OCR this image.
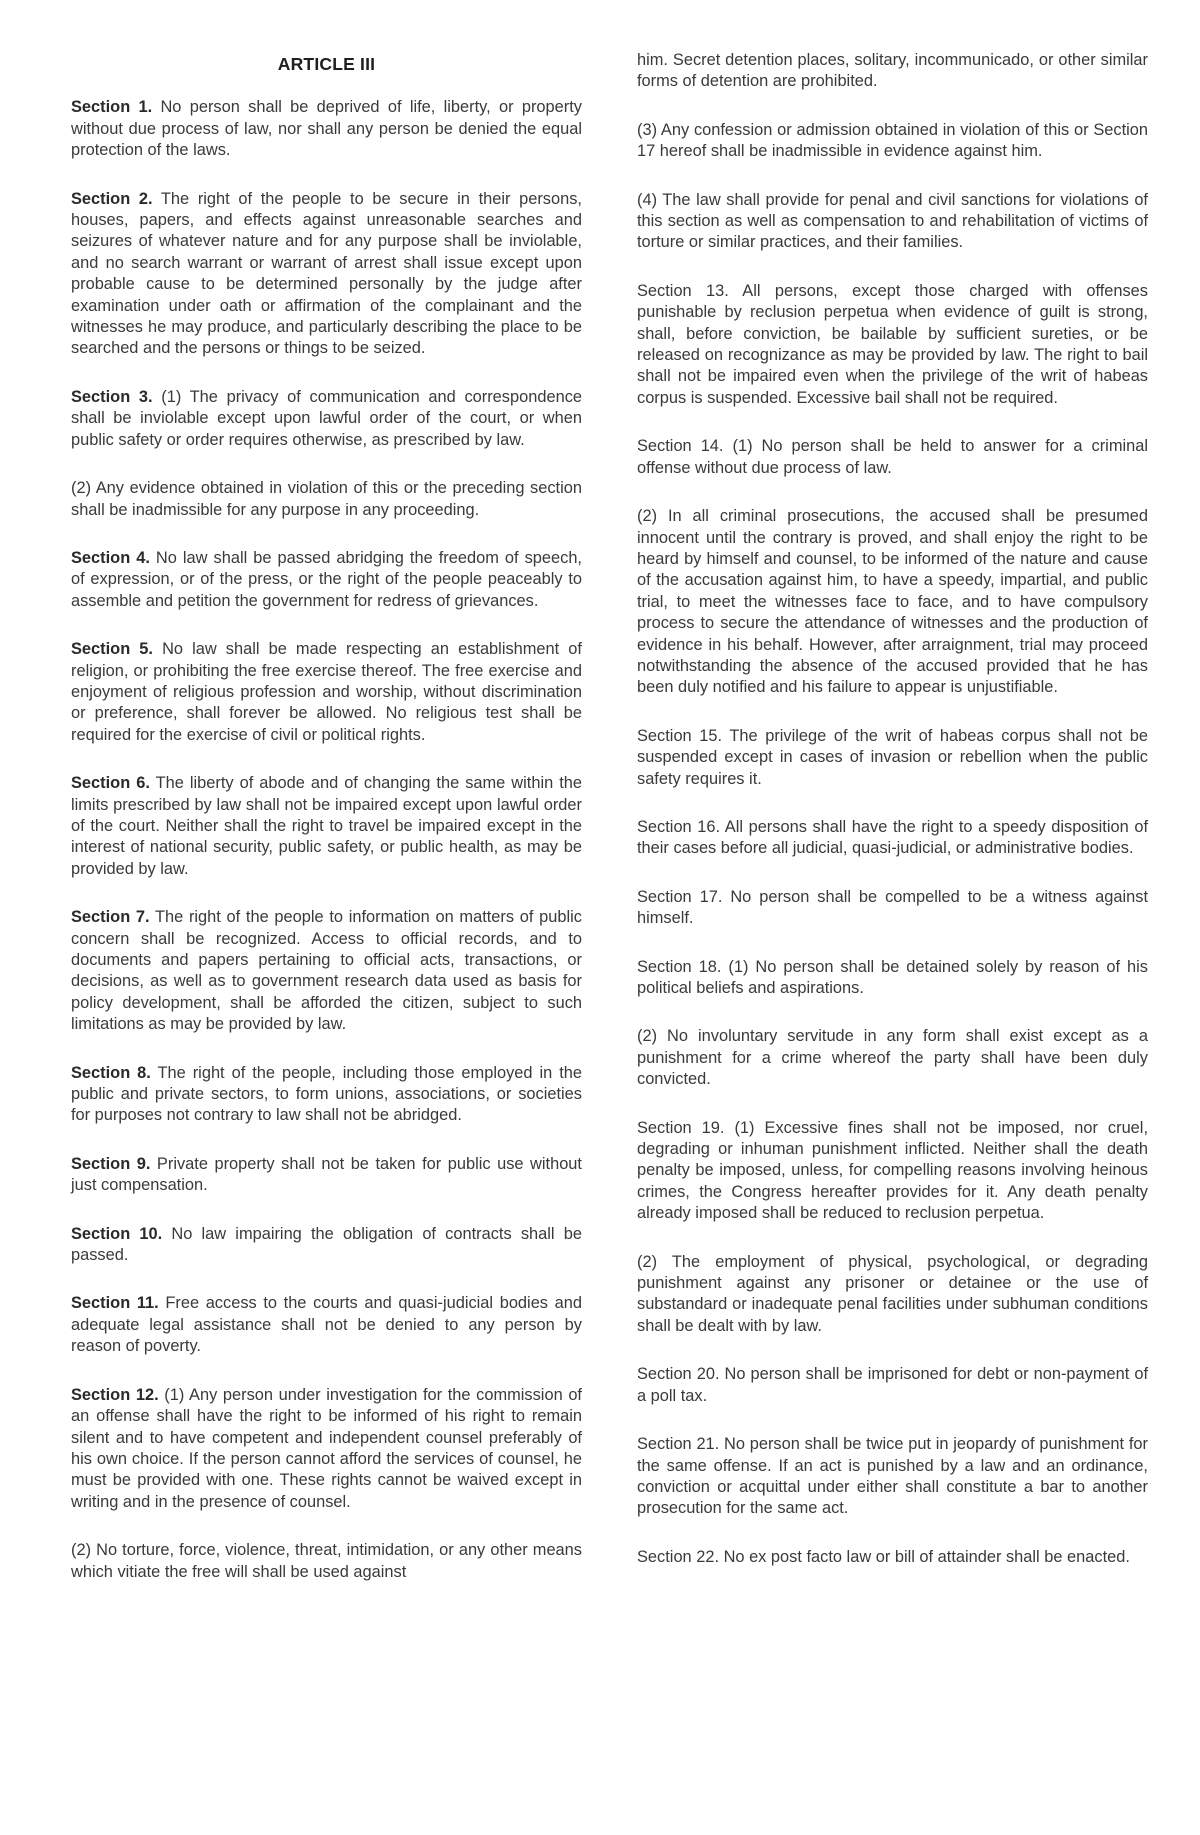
ARTICLE III

Section 1. No person shall be deprived of life, liberty, or property without due process of law, nor shall any person be denied the equal protection of the laws.

Section 2. The right of the people to be secure in their persons, houses, papers, and effects against unreasonable searches and seizures of whatever nature and for any purpose shall be inviolable, and no search warrant or warrant of arrest shall issue except upon probable cause to be determined personally by the judge after examination under oath or affirmation of the complainant and the witnesses he may produce, and particularly describing the place to be searched and the persons or things to be seized.

Section 3. (1) The privacy of communication and correspondence shall be inviolable except upon lawful order of the court, or when public safety or order requires otherwise, as prescribed by law.

(2) Any evidence obtained in violation of this or the preceding section shall be inadmissible for any purpose in any proceeding.

Section 4. No law shall be passed abridging the freedom of speech, of expression, or of the press, or the right of the people peaceably to assemble and petition the government for redress of grievances.

Section 5. No law shall be made respecting an establishment of religion, or prohibiting the free exercise thereof. The free exercise and enjoyment of religious profession and worship, without discrimination or preference, shall forever be allowed. No religious test shall be required for the exercise of civil or political rights.

Section 6. The liberty of abode and of changing the same within the limits prescribed by law shall not be impaired except upon lawful order of the court. Neither shall the right to travel be impaired except in the interest of national security, public safety, or public health, as may be provided by law.

Section 7. The right of the people to information on matters of public concern shall be recognized. Access to official records, and to documents and papers pertaining to official acts, transactions, or decisions, as well as to government research data used as basis for policy development, shall be afforded the citizen, subject to such limitations as may be provided by law.

Section 8. The right of the people, including those employed in the public and private sectors, to form unions, associations, or societies for purposes not contrary to law shall not be abridged.

Section 9. Private property shall not be taken for public use without just compensation.

Section 10. No law impairing the obligation of contracts shall be passed.

Section 11. Free access to the courts and quasi-judicial bodies and adequate legal assistance shall not be denied to any person by reason of poverty.

Section 12. (1) Any person under investigation for the commission of an offense shall have the right to be informed of his right to remain silent and to have competent and independent counsel preferably of his own choice. If the person cannot afford the services of counsel, he must be provided with one. These rights cannot be waived except in writing and in the presence of counsel.

(2) No torture, force, violence, threat, intimidation, or any other means which vitiate the free will shall be used against

him. Secret detention places, solitary, incommunicado, or other similar forms of detention are prohibited.

(3) Any confession or admission obtained in violation of this or Section 17 hereof shall be inadmissible in evidence against him.

(4) The law shall provide for penal and civil sanctions for violations of this section as well as compensation to and rehabilitation of victims of torture or similar practices, and their families.

Section 13. All persons, except those charged with offenses punishable by reclusion perpetua when evidence of guilt is strong, shall, before conviction, be bailable by sufficient sureties, or be released on recognizance as may be provided by law. The right to bail shall not be impaired even when the privilege of the writ of habeas corpus is suspended. Excessive bail shall not be required.

Section 14. (1) No person shall be held to answer for a criminal offense without due process of law.

(2) In all criminal prosecutions, the accused shall be presumed innocent until the contrary is proved, and shall enjoy the right to be heard by himself and counsel, to be informed of the nature and cause of the accusation against him, to have a speedy, impartial, and public trial, to meet the witnesses face to face, and to have compulsory process to secure the attendance of witnesses and the production of evidence in his behalf. However, after arraignment, trial may proceed notwithstanding the absence of the accused provided that he has been duly notified and his failure to appear is unjustifiable.

Section 15. The privilege of the writ of habeas corpus shall not be suspended except in cases of invasion or rebellion when the public safety requires it.

Section 16. All persons shall have the right to a speedy disposition of their cases before all judicial, quasi-judicial, or administrative bodies.

Section 17. No person shall be compelled to be a witness against himself.

Section 18. (1) No person shall be detained solely by reason of his political beliefs and aspirations.

(2) No involuntary servitude in any form shall exist except as a punishment for a crime whereof the party shall have been duly convicted.

Section 19. (1) Excessive fines shall not be imposed, nor cruel, degrading or inhuman punishment inflicted. Neither shall the death penalty be imposed, unless, for compelling reasons involving heinous crimes, the Congress hereafter provides for it. Any death penalty already imposed shall be reduced to reclusion perpetua.

(2) The employment of physical, psychological, or degrading punishment against any prisoner or detainee or the use of substandard or inadequate penal facilities under subhuman conditions shall be dealt with by law.

Section 20. No person shall be imprisoned for debt or non-payment of a poll tax.

Section 21. No person shall be twice put in jeopardy of punishment for the same offense. If an act is punished by a law and an ordinance, conviction or acquittal under either shall constitute a bar to another prosecution for the same act.

Section 22. No ex post facto law or bill of attainder shall be enacted.
